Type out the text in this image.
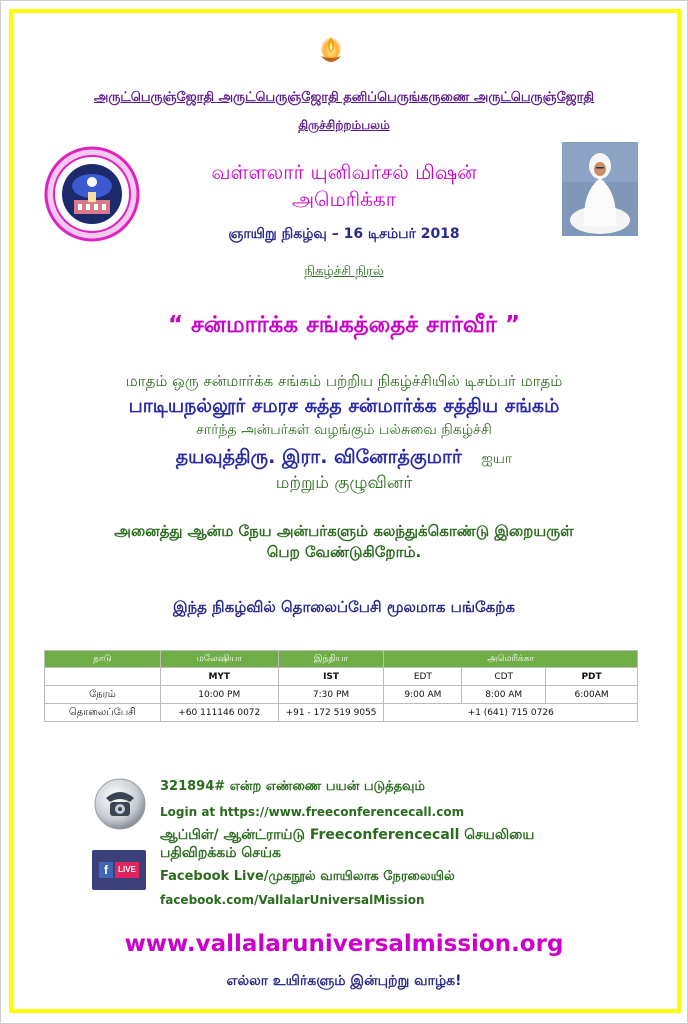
அருட்பெருஞ்ஜோதி அருட்பெருஞ்ஜோதி தனிப்பெருங்கருணை அருட்பெருஞ்ஜோதி
திருச்சிற்றம்பலம்
வள்ளலார் யுனிவர்சல் மிஷன்
அமெரிக்கா
ஞாயிறு நிகழ்வு – 16 டிசம்பர் 2018
நிகழ்ச்சி நிரல்
“ சன்மார்க்க சங்கத்தைச் சார்வீர் ”
மாதம் ஒரு சன்மார்க்க சங்கம் பற்றிய நிகழ்ச்சியில் டிசம்பர் மாதம்
பாடியநல்லூர் சமரச சுத்த சன்மார்க்க சத்திய சங்கம்
சார்ந்த அன்பர்கள் வழங்கும் பல்சுவை நிகழ்ச்சி
தயவுத்திரு. இரா. வினோத்குமார் ஐயா
மற்றும் குழுவினர்
அனைத்து ஆன்ம நேய அன்பர்களும் கலந்துக்கொண்டு இறையருள்
பெற வேண்டுகிறோம்.
இந்த நிகழ்வில் தொலைப்பேசி மூலமாக பங்கேற்க
நாடு	மலேஷியா	இந்தியா	அமெரிக்கா		
	MYT	IST	EDT	CDT	PDT
நேரம்	10:00 PM	7:30 PM	9:00 AM	8:00 AM	6:00AM
தொலைப்பேசி	+60 111146 0072	+91 - 172 519 9055	+1 (641) 715 0726		
f	LIVE
321894# என்ற எண்ணை பயன் படுத்தவும்
Login at https://www.freeconferencecall.com
ஆப்பிள்/ ஆன்ட்ராய்டு Freeconferencecall செயலியை
பதிவிறக்கம் செய்க
Facebook Live/முகநூல் வாயிலாக நேரலையில்
facebook.com/VallalarUniversalMission
www.vallalaruniversalmission.org
எல்லா உயிர்களும் இன்புற்று வாழ்க!
